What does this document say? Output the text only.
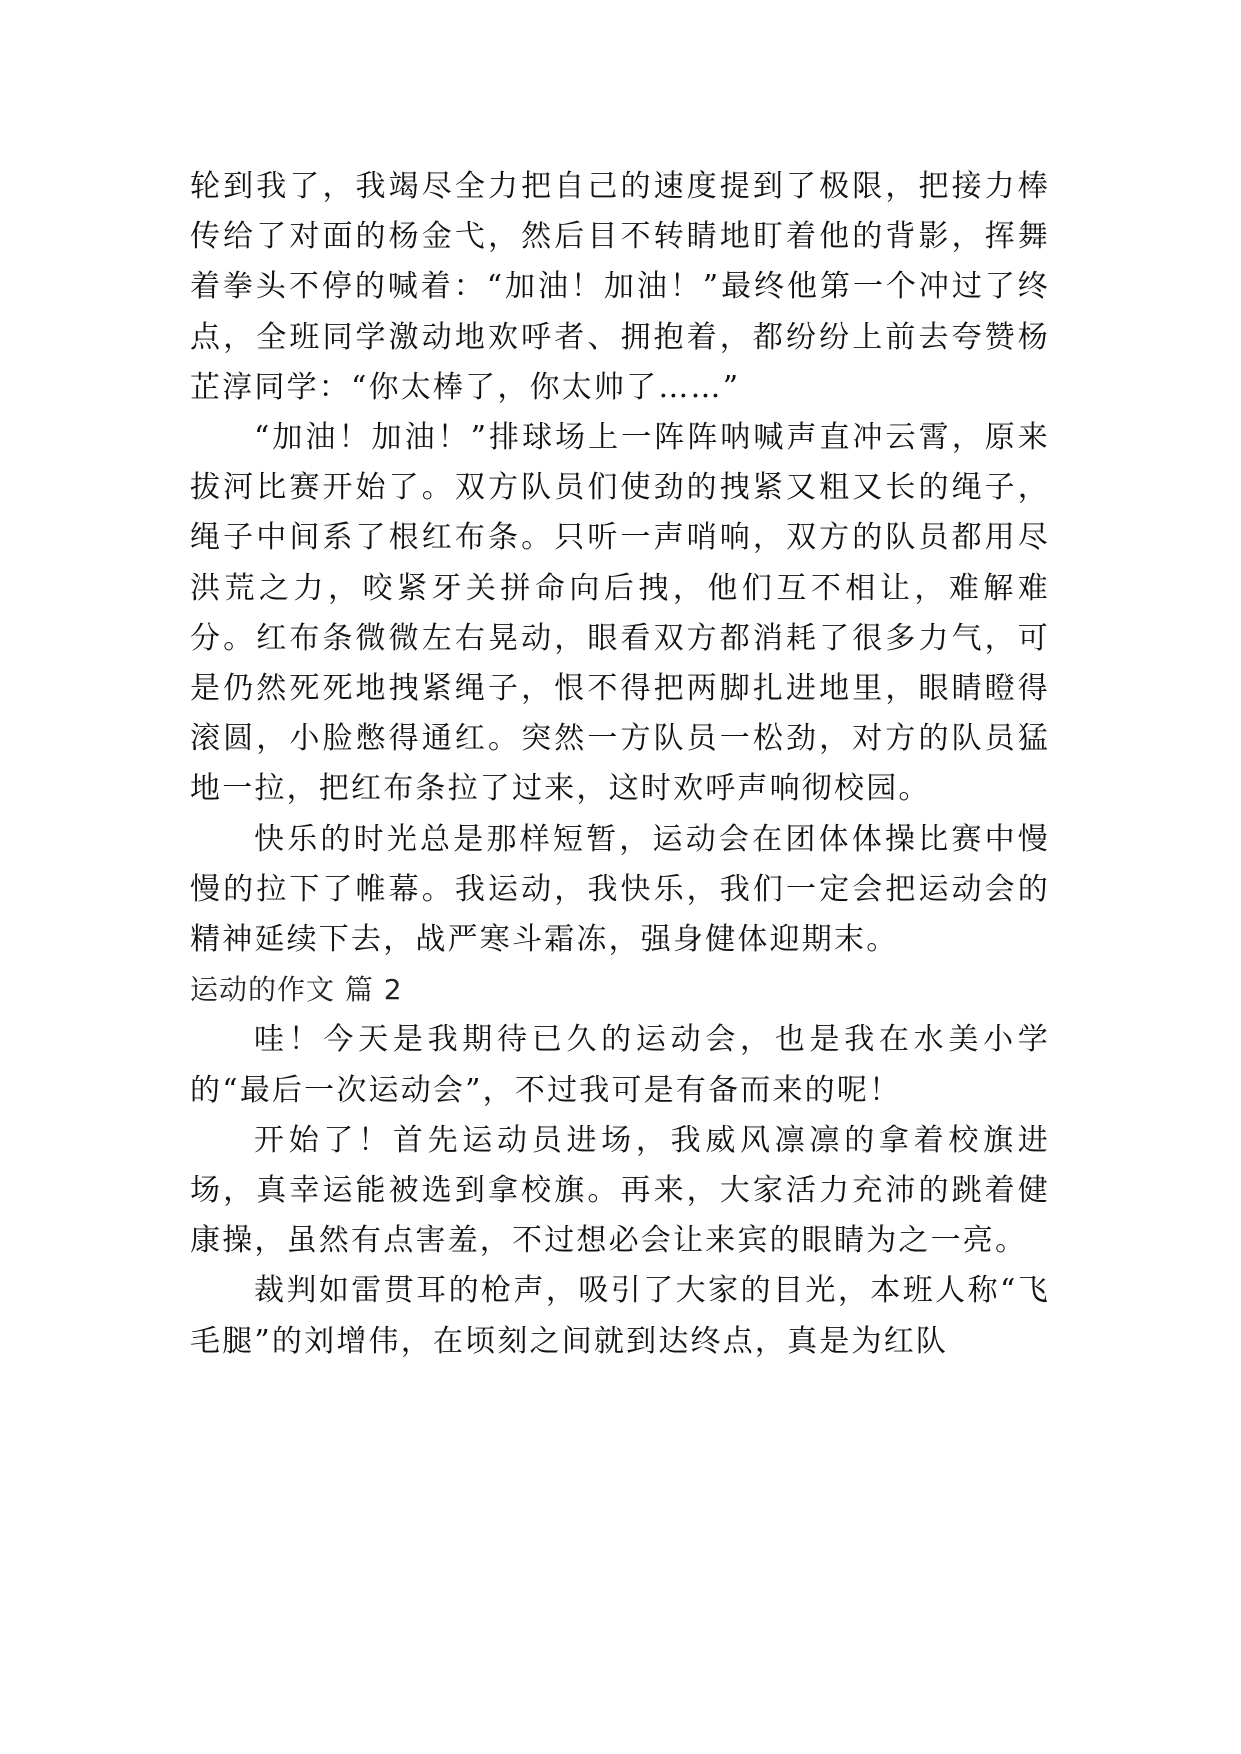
轮到我了，我竭尽全力把自己的速度提到了极限，把接力棒传给了对面的杨金弋，然后目不转睛地盯着他的背影，挥舞着拳头不停的喊着：“加油！加油！”最终他第一个冲过了终点，全班同学激动地欢呼者、拥抱着，都纷纷上前去夸赞杨芷淳同学：“你太棒了，你太帅了……”

“加油！加油！”排球场上一阵阵呐喊声直冲云霄，原来拔河比赛开始了。双方队员们使劲的拽紧又粗又长的绳子，绳子中间系了根红布条。只听一声哨响，双方的队员都用尽洪荒之力，咬紧牙关拼命向后拽，他们互不相让，难解难分。红布条微微左右晃动，眼看双方都消耗了很多力气，可是仍然死死地拽紧绳子，恨不得把两脚扎进地里，眼睛瞪得滚圆，小脸憋得通红。突然一方队员一松劲，对方的队员猛地一拉，把红布条拉了过来，这时欢呼声响彻校园。

快乐的时光总是那样短暂，运动会在团体体操比赛中慢慢的拉下了帷幕。我运动，我快乐，我们一定会把运动会的精神延续下去，战严寒斗霜冻，强身健体迎期末。

运动的作文 篇 2

哇！今天是我期待已久的运动会，也是我在水美小学的“最后一次运动会”，不过我可是有备而来的呢！

开始了！首先运动员进场，我威风凛凛的拿着校旗进场，真幸运能被选到拿校旗。再来，大家活力充沛的跳着健康操，虽然有点害羞，不过想必会让来宾的眼睛为之一亮。

裁判如雷贯耳的枪声，吸引了大家的目光，本班人称“飞毛腿”的刘增伟，在顷刻之间就到达终点，真是为红队
